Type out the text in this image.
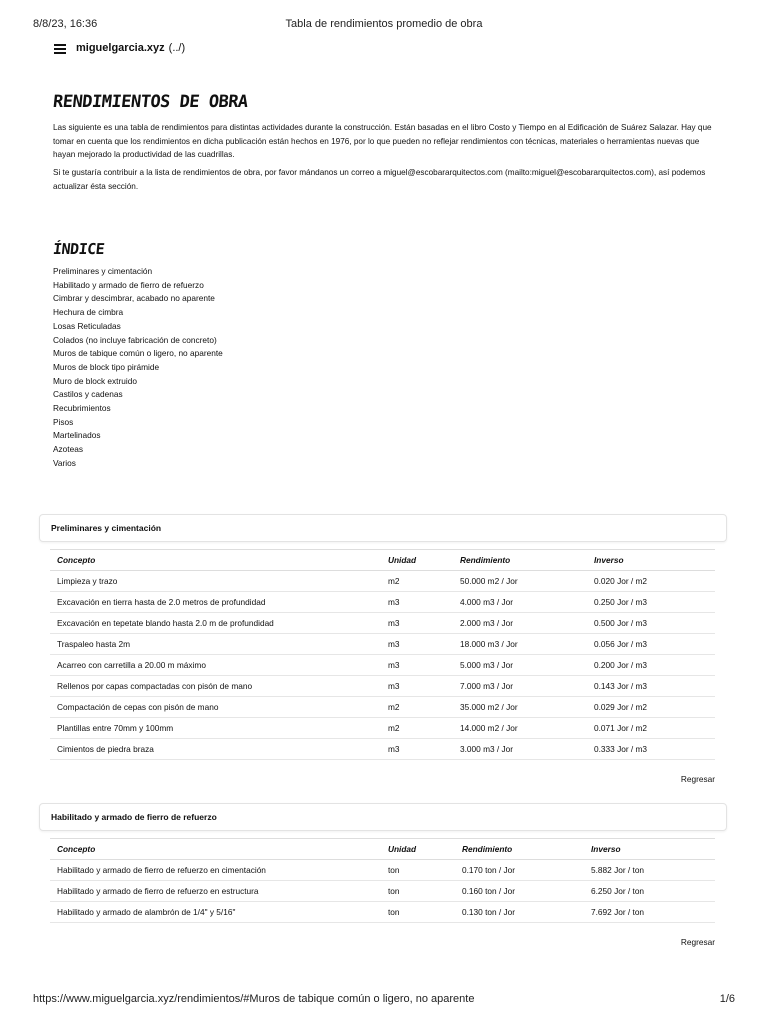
8/8/23, 16:36	Tabla de rendimientos promedio de obra
miguelgarcia.xyz (../)
RENDIMIENTOS DE OBRA

Las siguiente es una tabla de rendimientos para distintas actividades durante la construcción. Están basadas en el libro Costo y Tiempo en al Edificación de Suárez Salazar. Hay que tomar en cuenta que los rendimientos en dicha publicación están hechos en 1976, por lo que pueden no reflejar rendimientos con técnicas, materiales o herramientas nuevas que hayan mejorado la productividad de las cuadrillas.

Si te gustaría contribuir a la lista de rendimientos de obra, por favor mándanos un correo a miguel@escobararquitectos.com (mailto:miguel@escobararquitectos.com), así podemos actualizar ésta sección.

ÍNDICE
Preliminares y cimentación
Habilitado y armado de fierro de refuerzo
Cimbrar y descimbrar, acabado no aparente
Hechura de cimbra
Losas Reticuladas
Colados (no incluye fabricación de concreto)
Muros de tabique común o ligero, no aparente
Muros de block tipo pirámide
Muro de block extruido
Castilos y cadenas
Recubrimientos
Pisos
Martelinados
Azoteas
Varios
Preliminares y cimentación
Concepto	Unidad	Rendimiento	Inverso
Limpieza y trazo	m2	50.000 m2 / Jor	0.020 Jor / m2
Excavación en tierra hasta de 2.0 metros de profundidad	m3	4.000 m3 / Jor	0.250 Jor / m3
Excavación en tepetate blando hasta 2.0 m de profundidad	m3	2.000 m3 / Jor	0.500 Jor / m3
Traspaleo hasta 2m	m3	18.000 m3 / Jor	0.056 Jor / m3
Acarreo con carretilla a 20.00 m máximo	m3	5.000 m3 / Jor	0.200 Jor / m3
Rellenos por capas compactadas con pisón de mano	m3	7.000 m3 / Jor	0.143 Jor / m3
Compactación de cepas con pisón de mano	m2	35.000 m2 / Jor	0.029 Jor / m2
Plantillas entre 70mm y 100mm	m2	14.000 m2 / Jor	0.071 Jor / m2
Cimientos de piedra braza	m3	3.000 m3 / Jor	0.333 Jor / m3
Regresar
Habilitado y armado de fierro de refuerzo
Concepto	Unidad	Rendimiento	Inverso
Habilitado y armado de fierro de refuerzo en cimentación	ton	0.170 ton / Jor	5.882 Jor / ton
Habilitado y armado de fierro de refuerzo en estructura	ton	0.160 ton / Jor	6.250 Jor / ton
Habilitado y armado de alambrón de 1/4" y 5/16"	ton	0.130 ton / Jor	7.692 Jor / ton
Regresar
https://www.miguelgarcia.xyz/rendimientos/#Muros de tabique común o ligero, no aparente	1/6
